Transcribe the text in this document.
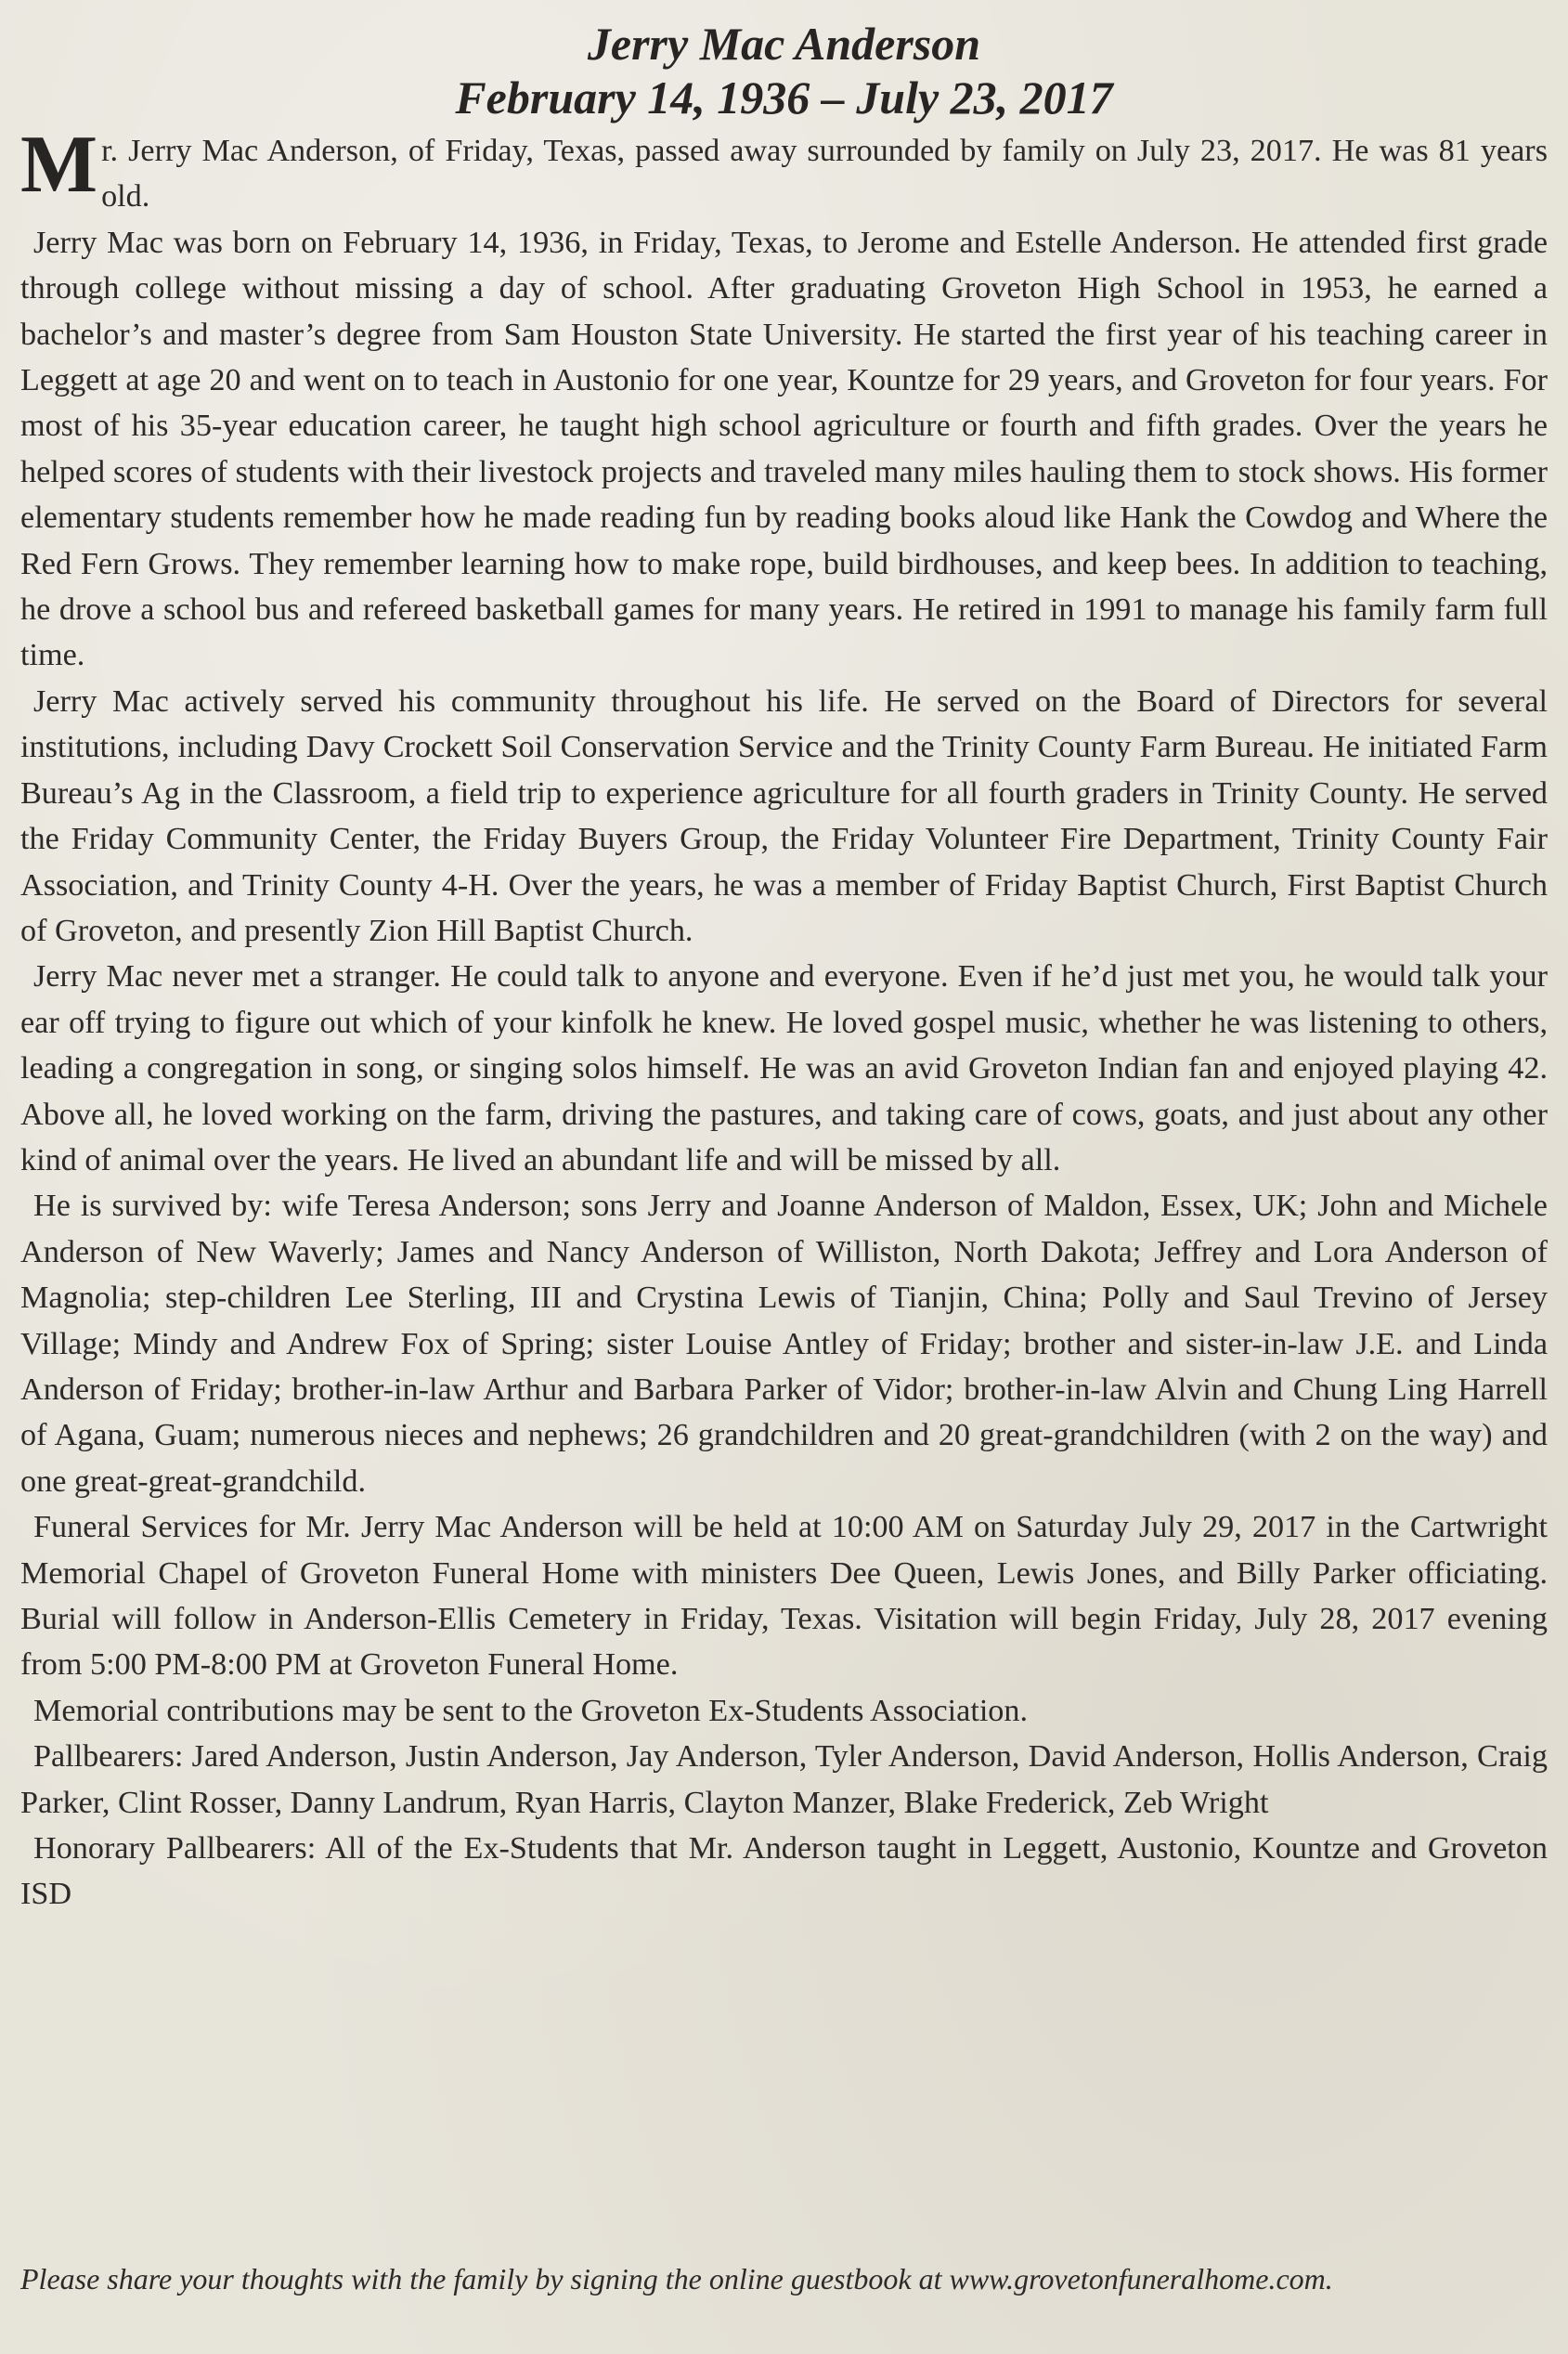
Jerry Mac Anderson
February 14, 1936 – July 23, 2017

Mr. Jerry Mac Anderson, of Friday, Texas, passed away surrounded by family on July 23, 2017. He was 81 years old.

Jerry Mac was born on February 14, 1936, in Friday, Texas, to Jerome and Estelle Anderson. He attended first grade through college without missing a day of school. After graduating Groveton High School in 1953, he earned a bachelor’s and master’s degree from Sam Houston State University. He started the first year of his teaching career in Leggett at age 20 and went on to teach in Austonio for one year, Kountze for 29 years, and Groveton for four years. For most of his 35-year education career, he taught high school agriculture or fourth and fifth grades. Over the years he helped scores of students with their livestock projects and traveled many miles hauling them to stock shows. His former elementary students remember how he made reading fun by reading books aloud like Hank the Cowdog and Where the Red Fern Grows. They remember learning how to make rope, build birdhouses, and keep bees. In addition to teaching, he drove a school bus and refereed basketball games for many years. He retired in 1991 to manage his family farm full time.

Jerry Mac actively served his community throughout his life. He served on the Board of Directors for several institutions, including Davy Crockett Soil Conservation Service and the Trinity County Farm Bureau. He initiated Farm Bureau’s Ag in the Classroom, a field trip to experience agriculture for all fourth graders in Trinity County. He served the Friday Community Center, the Friday Buyers Group, the Friday Volunteer Fire Department, Trinity County Fair Association, and Trinity County 4-H. Over the years, he was a member of Friday Baptist Church, First Baptist Church of Groveton, and presently Zion Hill Baptist Church.

Jerry Mac never met a stranger. He could talk to anyone and everyone. Even if he’d just met you, he would talk your ear off trying to figure out which of your kinfolk he knew. He loved gospel music, whether he was listening to others, leading a congregation in song, or singing solos himself. He was an avid Groveton Indian fan and enjoyed playing 42. Above all, he loved working on the farm, driving the pastures, and taking care of cows, goats, and just about any other kind of animal over the years. He lived an abundant life and will be missed by all.

He is survived by: wife Teresa Anderson; sons Jerry and Joanne Anderson of Maldon, Essex, UK; John and Michele Anderson of New Waverly; James and Nancy Anderson of Williston, North Dakota; Jeffrey and Lora Anderson of Magnolia; step-children Lee Sterling, III and Crystina Lewis of Tianjin, China; Polly and Saul Trevino of Jersey Village; Mindy and Andrew Fox of Spring; sister Louise Antley of Friday; brother and sister-in-law J.E. and Linda Anderson of Friday; brother-in-law Arthur and Barbara Parker of Vidor; brother-in-law Alvin and Chung Ling Harrell of Agana, Guam; numerous nieces and nephews; 26 grandchildren and 20 great-grandchildren (with 2 on the way) and one great-great-grandchild.

Funeral Services for Mr. Jerry Mac Anderson will be held at 10:00 AM on Saturday July 29, 2017 in the Cartwright Memorial Chapel of Groveton Funeral Home with ministers Dee Queen, Lewis Jones, and Billy Parker officiating. Burial will follow in Anderson-Ellis Cemetery in Friday, Texas. Visitation will begin Friday, July 28, 2017 evening from 5:00 PM-8:00 PM at Groveton Funeral Home.

Memorial contributions may be sent to the Groveton Ex-Students Association.

Pallbearers: Jared Anderson, Justin Anderson, Jay Anderson, Tyler Anderson, David Anderson, Hollis Anderson, Craig Parker, Clint Rosser, Danny Landrum, Ryan Harris, Clayton Manzer, Blake Frederick, Zeb Wright

Honorary Pallbearers: All of the Ex-Students that Mr. Anderson taught in Leggett, Austonio, Kountze and Groveton ISD

Please share your thoughts with the family by signing the online guestbook at www.grovetonfuneralhome.com.
